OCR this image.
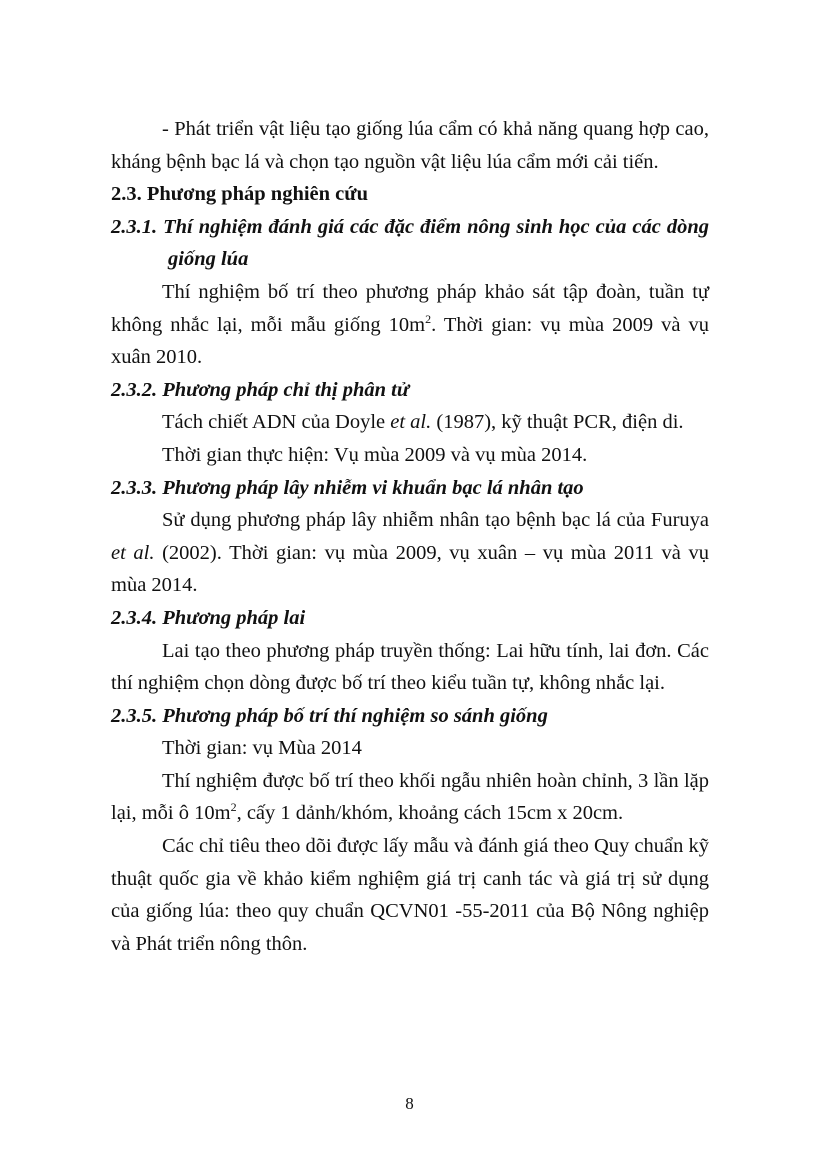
- Phát triển vật liệu tạo giống lúa cẩm có khả năng quang hợp cao, kháng bệnh bạc lá và chọn tạo nguồn vật liệu lúa cẩm mới cải tiến.

2.3. Phương pháp nghiên cứu

2.3.1. Thí nghiệm đánh giá các đặc điểm nông sinh học của các dòng giống lúa

Thí nghiệm bố trí theo phương pháp khảo sát tập đoàn, tuần tự không nhắc lại, mỗi mẫu giống $10m^2$. Thời gian: vụ mùa 2009 và vụ xuân 2010.

2.3.2. Phương pháp chỉ thị phân tử

Tách chiết ADN của Doyle et al. (1987), kỹ thuật PCR, điện di.

Thời gian thực hiện: Vụ mùa 2009 và vụ mùa 2014.

2.3.3. Phương pháp lây nhiễm vi khuẩn bạc lá nhân tạo

Sử dụng phương pháp lây nhiễm nhân tạo bệnh bạc lá của Furuya et al. (2002). Thời gian: vụ mùa 2009, vụ xuân – vụ mùa 2011 và vụ mùa 2014.

2.3.4. Phương pháp lai

Lai tạo theo phương pháp truyền thống: Lai hữu tính, lai đơn. Các thí nghiệm chọn dòng được bố trí theo kiểu tuần tự, không nhắc lại.

2.3.5. Phương pháp bố trí thí nghiệm so sánh giống

Thời gian: vụ Mùa 2014

Thí nghiệm được bố trí theo khối ngẫu nhiên hoàn chỉnh, 3 lần lặp lại, mỗi ô $10m^2$, cấy 1 dảnh/khóm, khoảng cách 15cm x 20cm.

Các chỉ tiêu theo dõi được lấy mẫu và đánh giá theo Quy chuẩn kỹ thuật quốc gia về khảo kiểm nghiệm giá trị canh tác và giá trị sử dụng của giống lúa: theo quy chuẩn QCVN01 -55-2011 của Bộ Nông nghiệp và Phát triển nông thôn.

8
